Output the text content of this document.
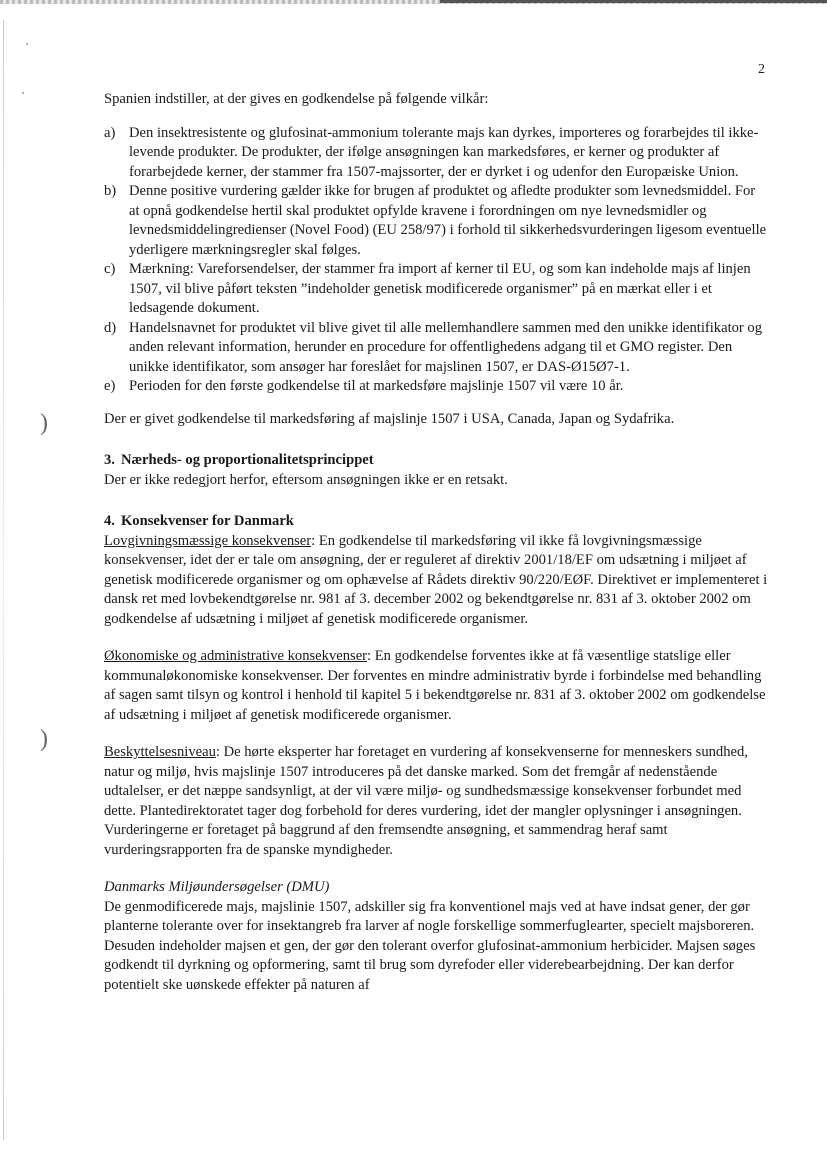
)
)

2

Spanien indstiller, at der gives en godkendelse på følgende vilkår:

a) Den insektresistente og glufosinat-ammonium tolerante majs kan dyrkes, importeres og forarbejdes til ikke-levende produkter. De produkter, der ifølge ansøgningen kan markedsføres, er kerner og produkter af forarbejdede kerner, der stammer fra 1507-majssorter, der er dyrket i og udenfor den Europæiske Union.
b) Denne positive vurdering gælder ikke for brugen af produktet og afledte produkter som levnedsmiddel. For at opnå godkendelse hertil skal produktet opfylde kravene i forordningen om nye levnedsmidler og levnedsmiddelingredienser (Novel Food) (EU 258/97) i forhold til sikkerhedsvurderingen ligesom eventuelle yderligere mærkningsregler skal følges.
c) Mærkning: Vareforsendelser, der stammer fra import af kerner til EU, og som kan indeholde majs af linjen 1507, vil blive påført teksten ”indeholder genetisk modificerede organismer” på en mærkat eller i et ledsagende dokument.
d) Handelsnavnet for produktet vil blive givet til alle mellemhandlere sammen med den unikke identifikator og anden relevant information, herunder en procedure for offentlighedens adgang til et GMO register. Den unikke identifikator, som ansøger har foreslået for majslinen 1507, er DAS-Ø15Ø7-1.
e) Perioden for den første godkendelse til at markedsføre majslinje 1507 vil være 10 år.

Der er givet godkendelse til markedsføring af majslinje 1507 i USA, Canada, Japan og Sydafrika.

3. Nærheds- og proportionalitetsprincippet

Der er ikke redegjort herfor, eftersom ansøgningen ikke er en retsakt.

4. Konsekvenser for Danmark

Lovgivningsmæssige konsekvenser: En godkendelse til markedsføring vil ikke få lovgivningsmæssige konsekvenser, idet der er tale om ansøgning, der er reguleret af direktiv 2001/18/EF om udsætning i miljøet af genetisk modificerede organismer og om ophævelse af Rådets direktiv 90/220/EØF. Direktivet er implementeret i dansk ret med lovbekendtgørelse nr. 981 af 3. december 2002 og bekendtgørelse nr. 831 af 3. oktober 2002 om godkendelse af udsætning i miljøet af genetisk modificerede organismer.

Økonomiske og administrative konsekvenser: En godkendelse forventes ikke at få væsentlige statslige eller kommunaløkonomiske konsekvenser. Der forventes en mindre administrativ byrde i forbindelse med behandling af sagen samt tilsyn og kontrol i henhold til kapitel 5 i bekendtgørelse nr. 831 af 3. oktober 2002 om godkendelse af udsætning i miljøet af genetisk modificerede organismer.

Beskyttelsesniveau: De hørte eksperter har foretaget en vurdering af konsekvenserne for menneskers sundhed, natur og miljø, hvis majslinje 1507 introduceres på det danske marked. Som det fremgår af nedenstående udtalelser, er det næppe sandsynligt, at der vil være miljø- og sundhedsmæssige konsekvenser forbundet med dette. Plantedirektoratet tager dog forbehold for deres vurdering, idet der mangler oplysninger i ansøgningen. Vurderingerne er foretaget på baggrund af den fremsendte ansøgning, et sammendrag heraf samt vurderingsrapporten fra de spanske myndigheder.

Danmarks Miljøundersøgelser (DMU)

De genmodificerede majs, majslinie 1507, adskiller sig fra konventionel majs ved at have indsat gener, der gør planterne tolerante over for insektangreb fra larver af nogle forskellige sommerfuglearter, specielt majsboreren. Desuden indeholder majsen et gen, der gør den tolerant overfor glufosinat-ammonium herbicider. Majsen søges godkendt til dyrkning og opformering, samt til brug som dyrefoder eller viderebearbejdning. Der kan derfor potentielt ske uønskede effekter på naturen af
